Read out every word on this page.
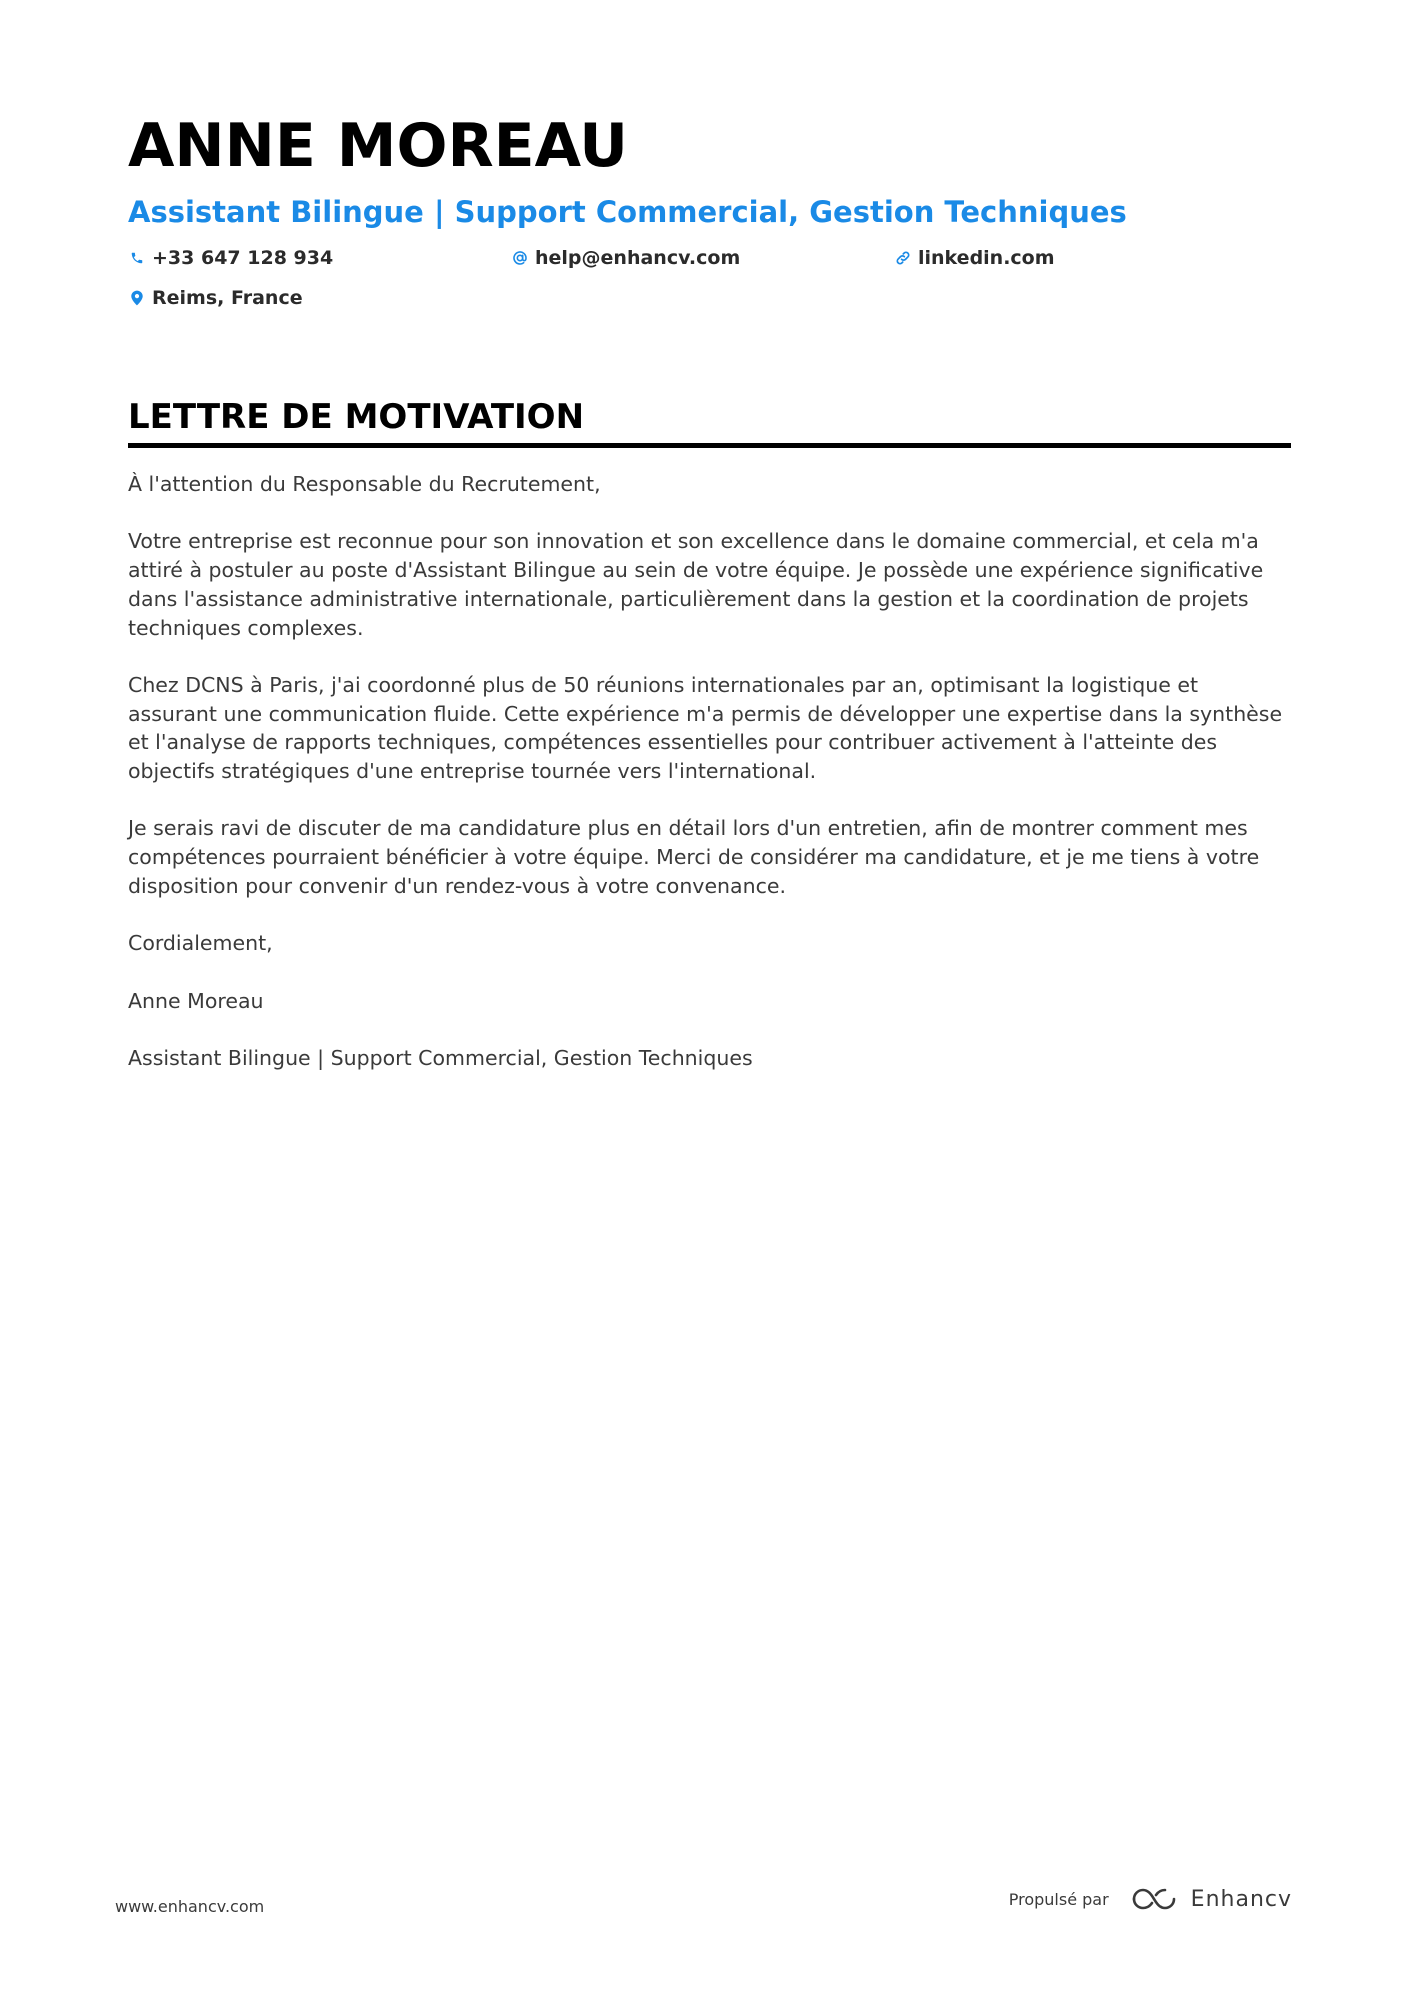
ANNE MOREAU
Assistant Bilingue | Support Commercial, Gestion Techniques
+33 647 128 934	help@enhancv.com	linkedin.com
Reims, France
LETTRE DE MOTIVATION

À l'attention du Responsable du Recrutement,

Votre entreprise est reconnue pour son innovation et son excellence dans le domaine commercial, et cela m'a attiré à postuler au poste d'Assistant Bilingue au sein de votre équipe. Je possède une expérience significative dans l'assistance administrative internationale, particulièrement dans la gestion et la coordination de projets techniques complexes.

Chez DCNS à Paris, j'ai coordonné plus de 50 réunions internationales par an, optimisant la logistique et assurant une communication fluide. Cette expérience m'a permis de développer une expertise dans la synthèse et l'analyse de rapports techniques, compétences essentielles pour contribuer activement à l'atteinte des objectifs stratégiques d'une entreprise tournée vers l'international.

Je serais ravi de discuter de ma candidature plus en détail lors d'un entretien, afin de montrer comment mes compétences pourraient bénéficier à votre équipe. Merci de considérer ma candidature, et je me tiens à votre disposition pour convenir d'un rendez-vous à votre convenance.

Cordialement,

Anne Moreau

Assistant Bilingue | Support Commercial, Gestion Techniques

www.enhancv.com	Propulsé par	Enhancv
